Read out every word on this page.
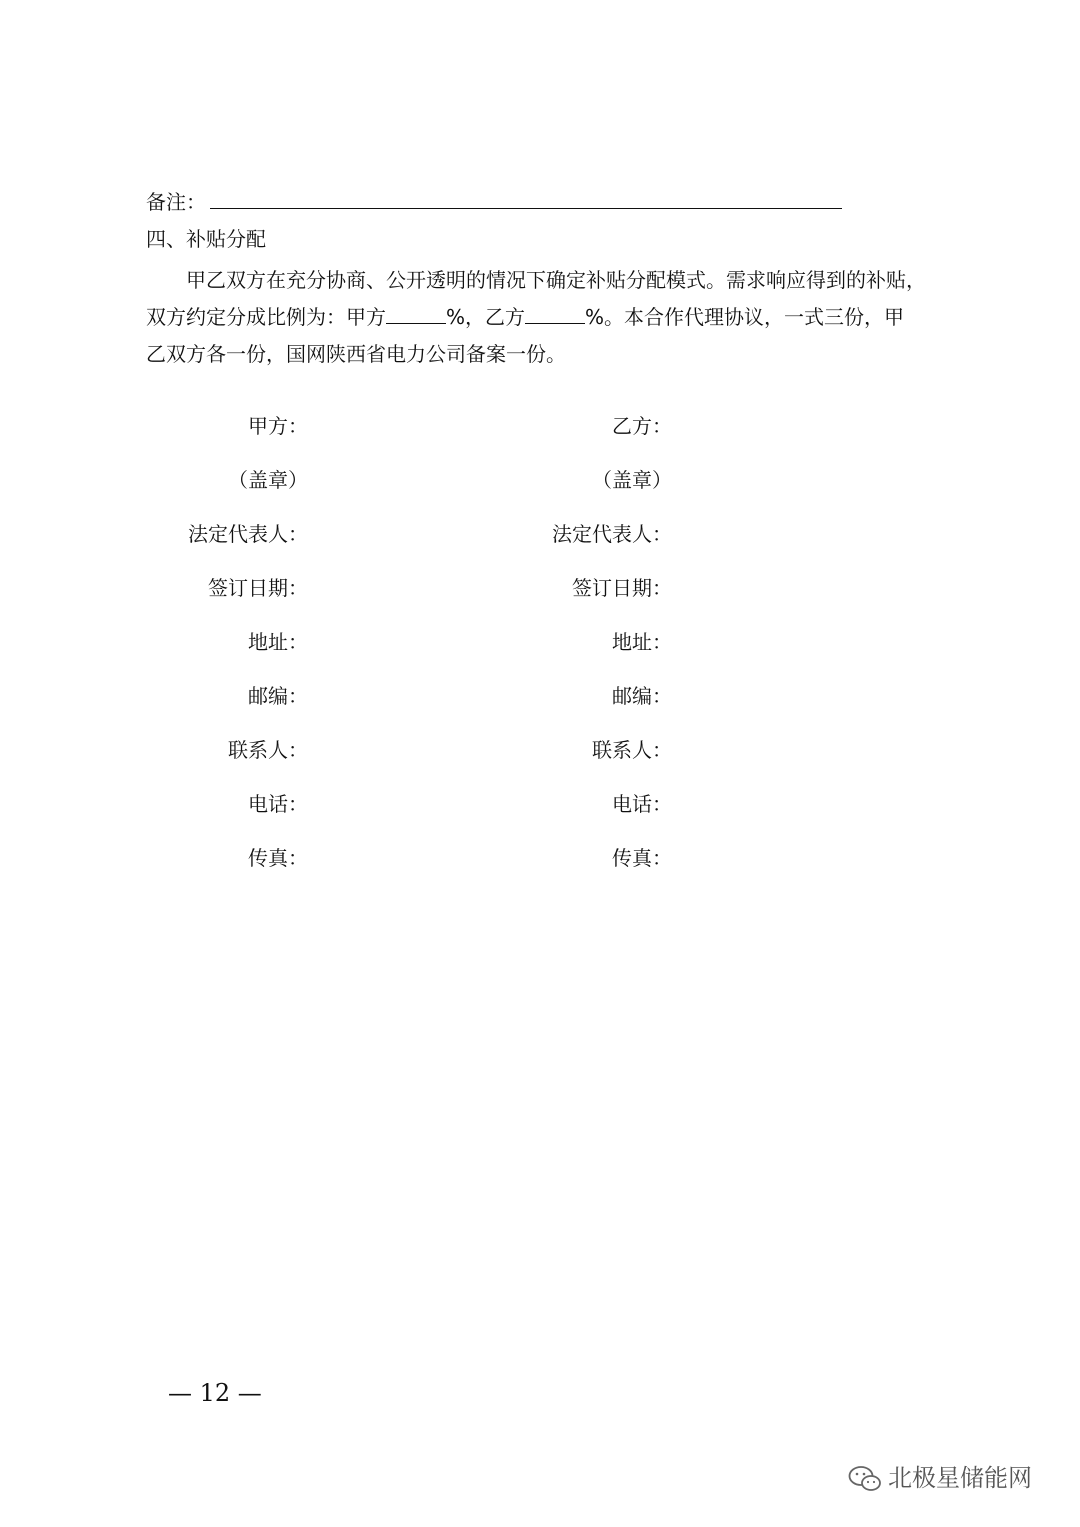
备注：
四、补贴分配
甲乙双方在充分协商、公开透明的情况下确定补贴分配模式。需求响应得到的补贴，
双方约定分成比例为：甲方	%，乙方	%。本合作代理协议，一式三份，甲
乙双方各一份，国网陕西省电力公司备案一份。
甲方：
（盖章）
法定代表人：
签订日期：
地址：
邮编：
联系人：
电话：
传真：
乙方：
（盖章）
法定代表人：
签订日期：
地址：
邮编：
联系人：
电话：
传真：
— 12 —
北极星储能网
